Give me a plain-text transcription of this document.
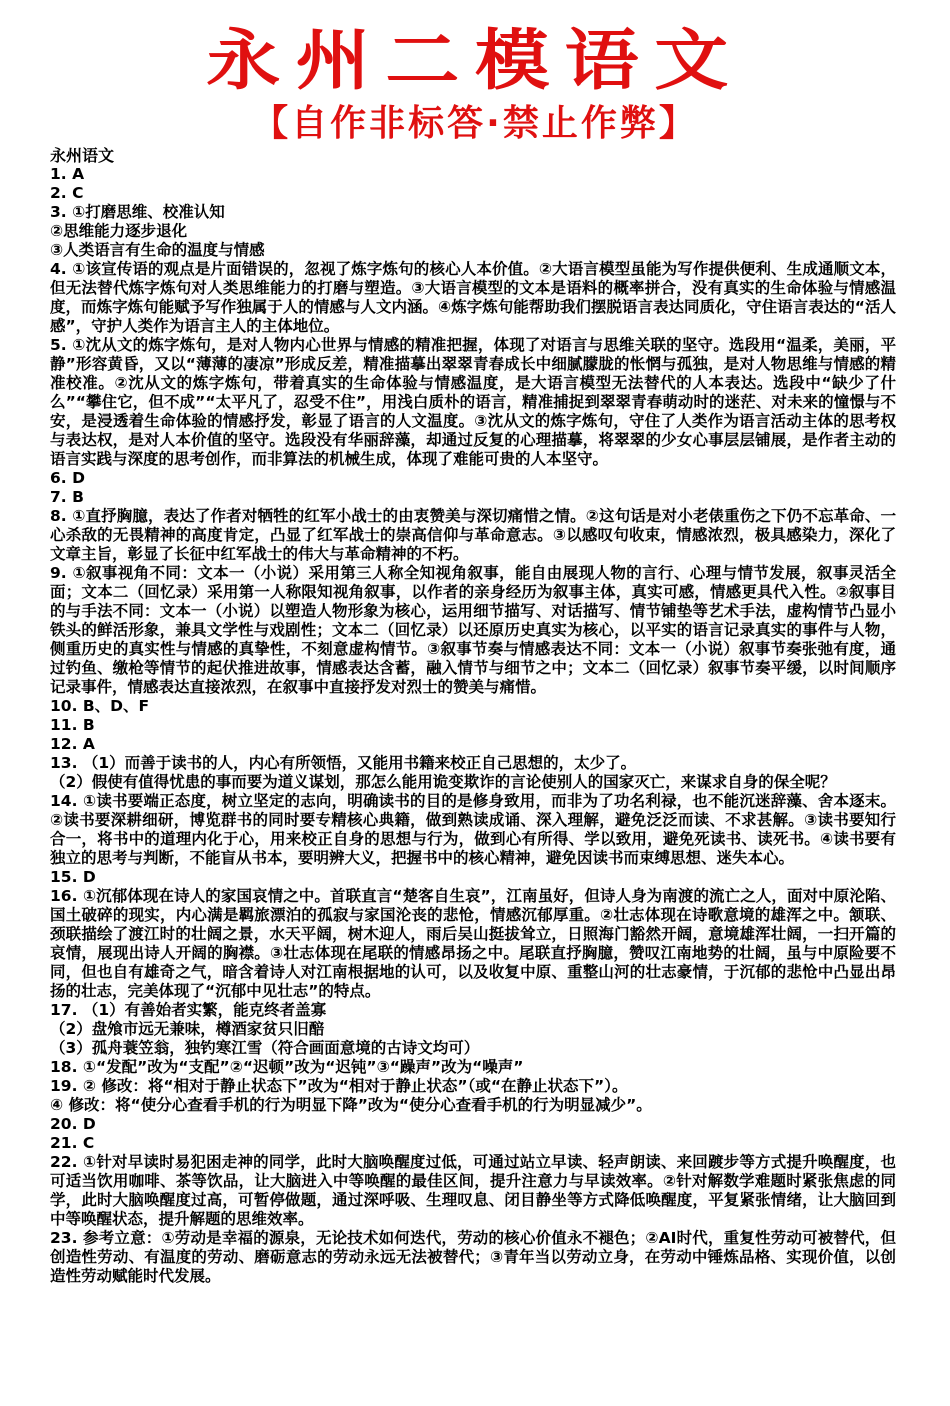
永州二模语文
【自作非标答·禁止作弊】

永州语文

1. A

2. C

3. ①打磨思维、校准认知

②思维能力逐步退化

③人类语言有生命的温度与情感

4. ①该宣传语的观点是片面错误的，忽视了炼字炼句的核心人本价值。②大语言模型虽能为写作提供便利、生成通顺文本，但无法替代炼字炼句对人类思维能力的打磨与塑造。③大语言模型的文本是语料的概率拼合，没有真实的生命体验与情感温度，而炼字炼句能赋予写作独属于人的情感与人文内涵。④炼字炼句能帮助我们摆脱语言表达同质化，守住语言表达的“活人感”，守护人类作为语言主人的主体地位。

5. ①沈从文的炼字炼句，是对人物内心世界与情感的精准把握，体现了对语言与思维关联的坚守。选段用“温柔，美丽，平静”形容黄昏，又以“薄薄的凄凉”形成反差，精准描摹出翠翠青春成长中细腻朦胧的怅惘与孤独，是对人物思维与情感的精准校准。②沈从文的炼字炼句，带着真实的生命体验与情感温度，是大语言模型无法替代的人本表达。选段中“缺少了什么”“攀住它，但不成”“太平凡了，忍受不住”，用浅白质朴的语言，精准捕捉到翠翠青春萌动时的迷茫、对未来的憧憬与不安，是浸透着生命体验的情感抒发，彰显了语言的人文温度。③沈从文的炼字炼句，守住了人类作为语言活动主体的思考权与表达权，是对人本价值的坚守。选段没有华丽辞藻，却通过反复的心理描摹，将翠翠的少女心事层层铺展，是作者主动的语言实践与深度的思考创作，而非算法的机械生成，体现了难能可贵的人本坚守。

6. D

7. B

8. ①直抒胸臆，表达了作者对牺牲的红军小战士的由衷赞美与深切痛惜之情。②这句话是对小老俵重伤之下仍不忘革命、一心杀敌的无畏精神的高度肯定，凸显了红军战士的崇高信仰与革命意志。③以感叹句收束，情感浓烈，极具感染力，深化了文章主旨，彰显了长征中红军战士的伟大与革命精神的不朽。

9. ①叙事视角不同：文本一（小说）采用第三人称全知视角叙事，能自由展现人物的言行、心理与情节发展，叙事灵活全面；文本二（回忆录）采用第一人称限知视角叙事，以作者的亲身经历为叙事主体，真实可感，情感更具代入性。②叙事目的与手法不同：文本一（小说）以塑造人物形象为核心，运用细节描写、对话描写、情节铺垫等艺术手法，虚构情节凸显小铁头的鲜活形象，兼具文学性与戏剧性；文本二（回忆录）以还原历史真实为核心，以平实的语言记录真实的事件与人物，侧重历史的真实性与情感的真挚性，不刻意虚构情节。③叙事节奏与情感表达不同：文本一（小说）叙事节奏张弛有度，通过钓鱼、缴枪等情节的起伏推进故事，情感表达含蓄，融入情节与细节之中；文本二（回忆录）叙事节奏平缓，以时间顺序记录事件，情感表达直接浓烈，在叙事中直接抒发对烈士的赞美与痛惜。

10. B、D、F

11. B

12. A

13. （1）而善于读书的人，内心有所领悟，又能用书籍来校正自己思想的，太少了。

（2）假使有值得忧患的事而要为道义谋划，那怎么能用诡变欺诈的言论使别人的国家灭亡，来谋求自身的保全呢？

14. ①读书要端正态度，树立坚定的志向，明确读书的目的是修身致用，而非为了功名利禄，也不能沉迷辞藻、舍本逐末。②读书要深耕细研，博览群书的同时要专精核心典籍，做到熟读成诵、深入理解，避免泛泛而读、不求甚解。③读书要知行合一，将书中的道理内化于心，用来校正自身的思想与行为，做到心有所得、学以致用，避免死读书、读死书。④读书要有独立的思考与判断，不能盲从书本，要明辨大义，把握书中的核心精神，避免因读书而束缚思想、迷失本心。

15. D

16. ①沉郁体现在诗人的家国哀情之中。首联直言“楚客自生哀”，江南虽好，但诗人身为南渡的流亡之人，面对中原沦陷、国土破碎的现实，内心满是羁旅漂泊的孤寂与家国沦丧的悲怆，情感沉郁厚重。②壮志体现在诗歌意境的雄浑之中。颔联、颈联描绘了渡江时的壮阔之景，水天平阔，树木迎人，雨后吴山挺拔耸立，日照海门豁然开阔，意境雄浑壮阔，一扫开篇的哀情，展现出诗人开阔的胸襟。③壮志体现在尾联的情感昂扬之中。尾联直抒胸臆，赞叹江南地势的壮阔，虽与中原险要不同，但也自有雄奇之气，暗含着诗人对江南根据地的认可，以及收复中原、重整山河的壮志豪情，于沉郁的悲怆中凸显出昂扬的壮志，完美体现了“沉郁中见壮志”的特点。

17. （1）有善始者实繁，能克终者盖寡

（2）盘飧市远无兼味，樽酒家贫只旧醅

（3）孤舟蓑笠翁，独钓寒江雪（符合画面意境的古诗文均可）

18. ①“发配”改为“支配”②“迟顿”改为“迟钝”③“躁声”改为“噪声”

19. ② 修改：将“相对于静止状态下”改为“相对于静止状态”（或“在静止状态下”）。

④ 修改：将“使分心查看手机的行为明显下降”改为“使分心查看手机的行为明显减少”。

20. D

21. C

22. ①针对早读时易犯困走神的同学，此时大脑唤醒度过低，可通过站立早读、轻声朗读、来回踱步等方式提升唤醒度，也可适当饮用咖啡、茶等饮品，让大脑进入中等唤醒的最佳区间，提升注意力与早读效率。②针对解数学难题时紧张焦虑的同学，此时大脑唤醒度过高，可暂停做题，通过深呼吸、生理叹息、闭目静坐等方式降低唤醒度，平复紧张情绪，让大脑回到中等唤醒状态，提升解题的思维效率。

23. 参考立意：①劳动是幸福的源泉，无论技术如何迭代，劳动的核心价值永不褪色；②AI时代，重复性劳动可被替代，但创造性劳动、有温度的劳动、磨砺意志的劳动永远无法被替代；③青年当以劳动立身，在劳动中锤炼品格、实现价值，以创造性劳动赋能时代发展。
